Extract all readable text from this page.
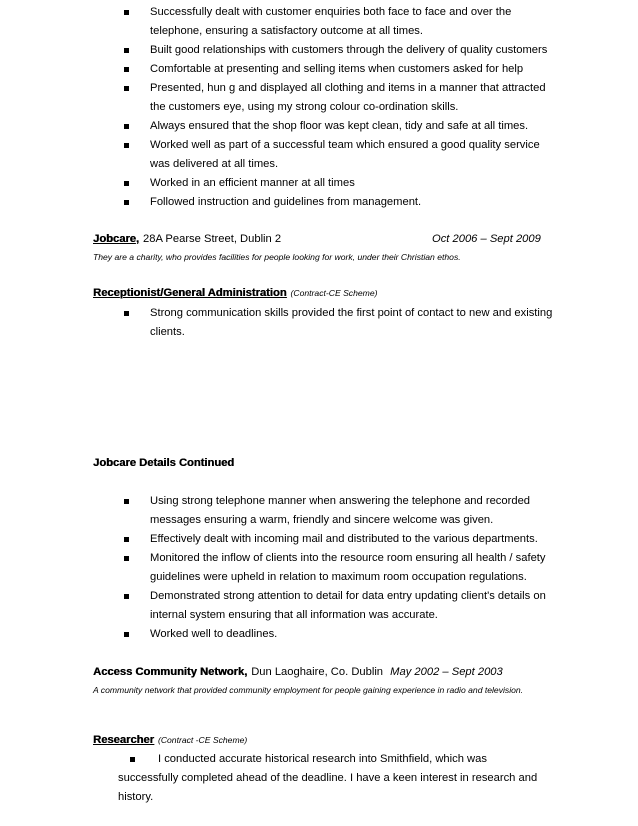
Successfully dealt with customer enquiries both face to face and over the telephone, ensuring a satisfactory outcome at all times.
Built good relationships with customers through the delivery of quality customers
Comfortable at presenting and selling items when customers asked for help
Presented, hun g and displayed all clothing and items in a manner that attracted the customers eye, using my strong colour co-ordination skills.
Always ensured that the shop floor was kept clean, tidy and safe at all times.
Worked well as part of a successful team which ensured a good quality service was delivered at all times.
Worked in an efficient manner at all times
Followed instruction and guidelines from management.
Jobcare, 28A Pearse Street, Dublin 2	Oct 2006 – Sept 2009
They are a charity, who provides facilities for people looking for work, under their Christian ethos.
Receptionist/General Administration (Contract-CE Scheme)
Strong communication skills provided the first point of contact to new and existing clients.
Jobcare Details Continued
Using strong telephone manner when answering the telephone and recorded messages ensuring a warm, friendly and sincere welcome was given.
Effectively dealt with incoming mail and distributed to the various departments.
Monitored the inflow of clients into the resource room ensuring all health / safety guidelines were upheld in relation to maximum room occupation regulations.
Demonstrated strong attention to detail for data entry updating client's details on internal system ensuring that all information was accurate.
Worked well to deadlines.
Access Community Network, Dun Laoghaire, Co. Dublin May 2002 – Sept 2003
A community network that provided community employment for people gaining experience in radio and television.
Researcher (Contract -CE Scheme)
I conducted accurate historical research into Smithfield, which was successfully completed ahead of the deadline. I have a keen interest in research and history.
